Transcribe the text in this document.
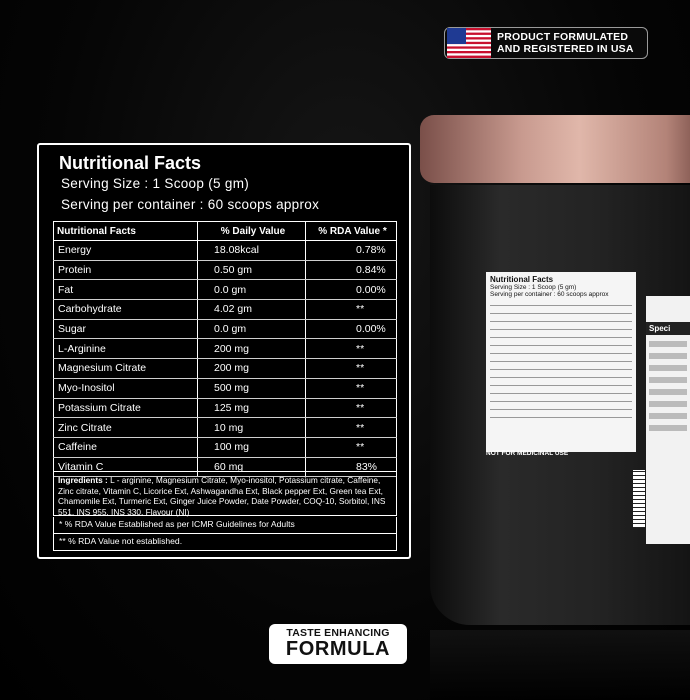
Nutritional Facts
Serving Size : 1 Scoop (5 gm)
Serving per container : 60 scoops approx
NOT FOR MEDICINAL USE
Speci
PRODUCT FORMULATED
AND REGISTERED IN USA
Nutritional Facts
Serving Size : 1 Scoop (5 gm)
Serving per container : 60 scoops approx
Nutritional Facts	% Daily Value	% RDA Value *
Energy	18.08kcal	0.78%
Protein	0.50 gm	0.84%
Fat	0.0 gm	0.00%
Carbohydrate	4.02 gm	**
Sugar	0.0 gm	0.00%
L-Arginine	200 mg	**
Magnesium Citrate	200 mg	**
Myo-Inositol	500 mg	**
Potassium Citrate	125 mg	**
Zinc Citrate	10 mg	**
Caffeine	100 mg	**
Vitamin C	60 mg	83%
Ingredients : L - arginine, Magnesium Citrate, Myo-inositol, Potassium citrate, Caffeine, Zinc citrate, Vitamin C, Licorice Ext, Ashwagandha Ext, Black pepper Ext, Green tea Ext, Chamomile Ext, Turmeric Ext, Ginger Juice Powder, Date Powder, COQ-10, Sorbitol, INS 551, INS 955, INS 330, Flavour (NI)
* % RDA Value Established as per ICMR Guidelines for Adults
** % RDA Value not established.
TASTE ENHANCING
FORMULA
